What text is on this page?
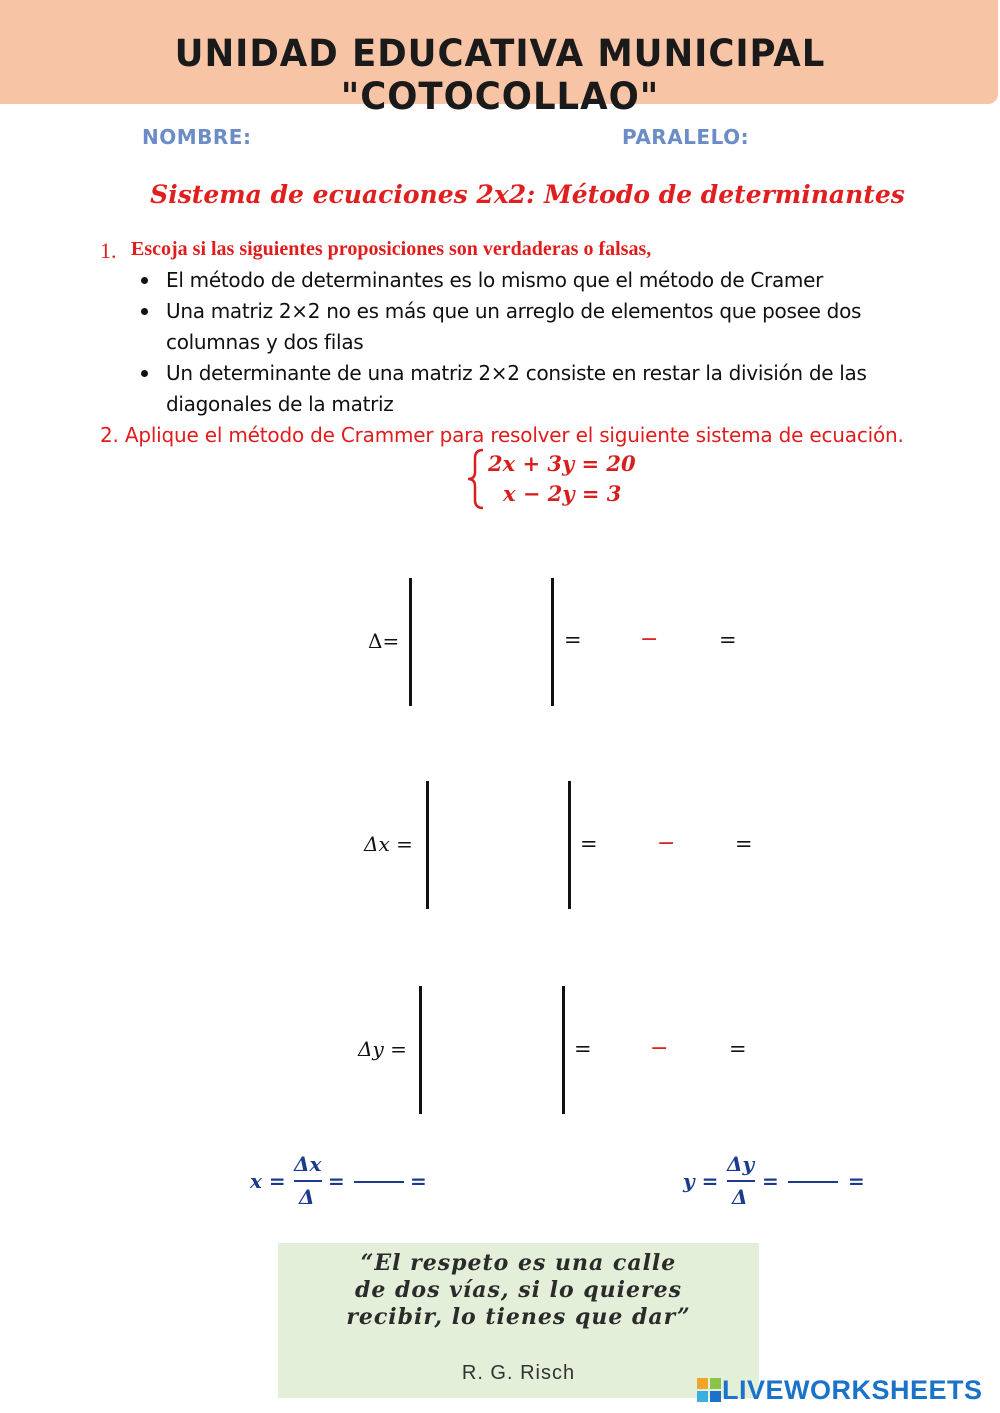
UNIDAD EDUCATIVA MUNICIPAL "COTOCOLLAO"
NOMBRE:	PARALELO:
Sistema de ecuaciones 2x2: Método de determinantes
1. Escoja si las siguientes proposiciones son verdaderas o falsas,
El método de determinantes es lo mismo que el método de Cramer
Una matriz 2×2 no es más que un arreglo de elementos que posee dos columnas y dos filas
Un determinante de una matriz 2×2 consiste en restar la división de las diagonales de la matriz
2. Aplique el método de Crammer para resolver el siguiente sistema de ecuación.
2x + 3y = 20
x − 2y = 3
Δ=	=	−	=
Δx =	=	−	=
Δy =	=	−	=
x =
Δx
Δ
=	=	y =
Δy
Δ
=	=
“El respeto es una calle
de dos vías, si lo quieres
recibir, lo tienes que dar”
R. G. Risch
LIVEWORKSHEETS
